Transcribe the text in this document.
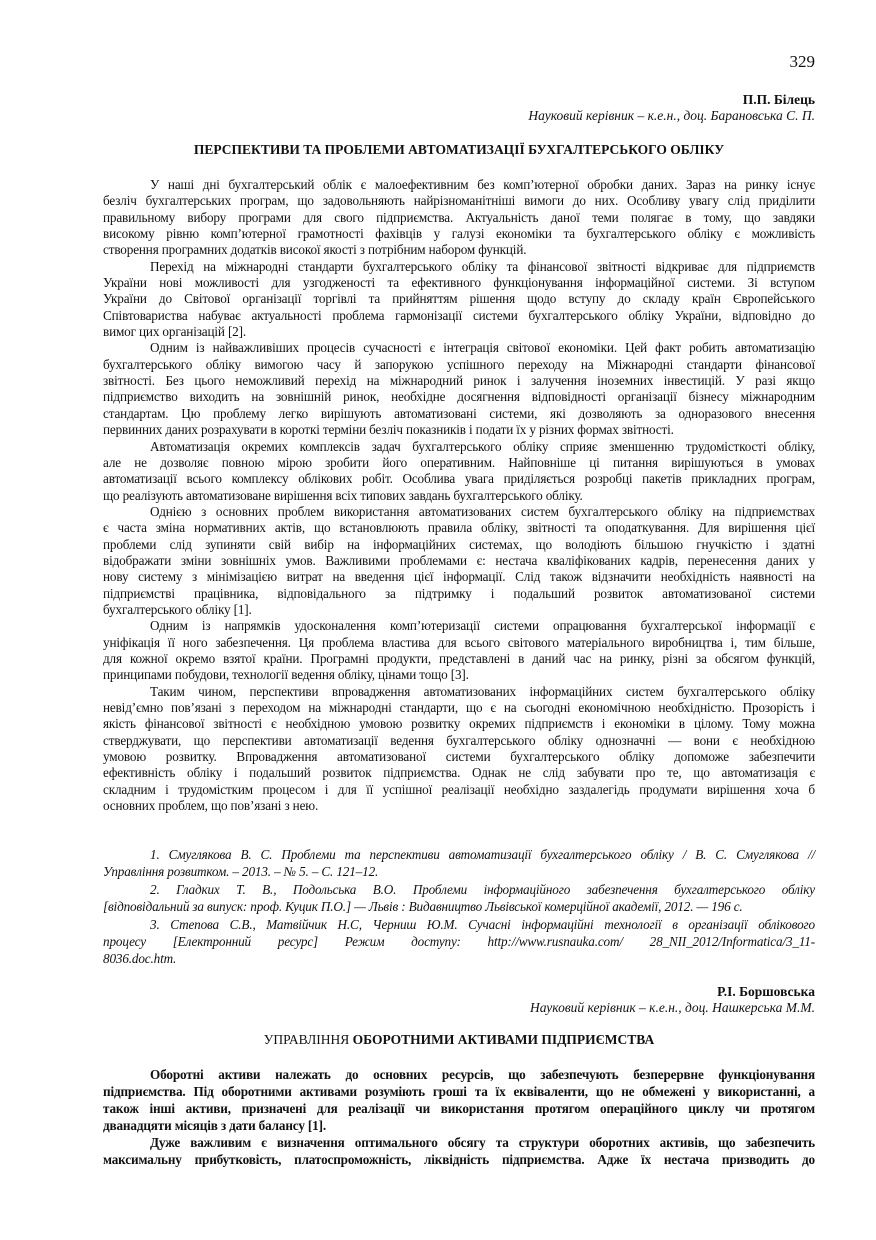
329
П.П. Білець
Науковий керівник – к.е.н., доц. Барановська С. П.
ПЕРСПЕКТИВИ ТА ПРОБЛЕМИ АВТОМАТИЗАЦІЇ БУХГАЛТЕРСЬКОГО ОБЛІКУ
У наші дні бухгалтерський облік є малоефективним без комп’ютерної обробки даних. Зараз на ринку існує
безліч бухгалтерських програм, що задовольняють найрізноманітніші вимоги до них. Особливу увагу слід приділити
правильному вибору програми для свого підприємства. Актуальність даної теми полягає в тому, що завдяки
високому рівню комп’ютерної грамотності фахівців у галузі економіки та бухгалтерського обліку є можливість
створення програмних додатків високої якості з потрібним набором функцій.
Перехід на міжнародні стандарти бухгалтерського обліку та фінансової звітності відкриває для підприємств
України нові можливості для узгодженості та ефективного функціонування інформаційної системи. Зі вступом
України до Світової організації торгівлі та прийняттям рішення щодо вступу до складу країн Європейського
Співтовариства набуває актуальності проблема гармонізації системи бухгалтерського обліку України, відповідно до
вимог цих організацій [2].
Одним із найважливіших процесів сучасності є інтеграція світової економіки. Цей факт робить автоматизацію
бухгалтерського обліку вимогою часу й запорукою успішного переходу на Міжнародні стандарти фінансової
звітності. Без цього неможливий перехід на міжнародний ринок і залучення іноземних інвестицій. У разі якщо
підприємство виходить на зовнішній ринок, необхідне досягнення відповідності організації бізнесу міжнародним
стандартам. Цю проблему легко вирішують автоматизовані системи, які дозволяють за одноразового внесення
первинних даних розрахувати в короткі терміни безліч показників і подати їх у різних формах звітності.
Автоматизація окремих комплексів задач бухгалтерського обліку сприяє зменшенню трудомісткості обліку,
але не дозволяє повною мірою зробити його оперативним. Найповніше ці питання вирішуються в умовах
автоматизації всього комплексу облікових робіт. Особлива увага приділяється розробці пакетів прикладних програм,
що реалізують автоматизоване вирішення всіх типових завдань бухгалтерського обліку.
Однією з основних проблем використання автоматизованих систем бухгалтерського обліку на підприємствах
є часта зміна нормативних актів, що встановлюють правила обліку, звітності та оподаткування. Для вирішення цієї
проблеми слід зупиняти свій вибір на інформаційних системах, що володіють більшою гнучкістю і здатні
відображати зміни зовнішніх умов. Важливими проблемами є: нестача кваліфікованих кадрів, перенесення даних у
нову систему з мінімізацією витрат на введення цієї інформації. Слід також відзначити необхідність наявності на
підприємстві працівника, відповідального за підтримку і подальший розвиток автоматизованої системи
бухгалтерського обліку [1].
Одним із напрямків удосконалення комп’ютеризації системи опрацювання бухгалтерської інформації є
уніфікація її ного забезпечення. Ця проблема властива для всього світового матеріального виробництва і, тим більше,
для кожної окремо взятої країни. Програмні продукти, представлені в даний час на ринку, різні за обсягом функцій,
принципами побудови, технології ведення обліку, цінами тощо [3].
Таким чином, перспективи впровадження автоматизованих інформаційних систем бухгалтерського обліку
невід’ємно пов’язані з переходом на міжнародні стандарти, що є на сьогодні економічною необхідністю. Прозорість і
якість фінансової звітності є необхідною умовою розвитку окремих підприємств і економіки в цілому. Тому можна
стверджувати, що перспективи автоматизації ведення бухгалтерського обліку однозначні — вони є необхідною
умовою розвитку. Впровадження автоматизованої системи бухгалтерського обліку допоможе забезпечити
ефективність обліку і подальший розвиток підприємства. Однак не слід забувати про те, що автоматизація є
складним і трудомістким процесом і для її успішної реалізації необхідно заздалегідь продумати вирішення хоча б
основних проблем, що пов’язані з нею.
1. Смуглякова В. С. Проблеми та перспективи автоматизації бухгалтерського обліку / В. С. Смуглякова //
Управління розвитком. – 2013. – № 5. – С. 121–12.
2. Гладких Т. В., Подольська В.О. Проблеми інформаційного забезпечення бухгалтерського обліку
[відповідальний за випуск: проф. Куцик П.О.] — Львів : Видавництво Львівської комерційної академії, 2012. — 196 с.
3. Степова С.В., Матвійчик Н.С, Черниш Ю.М. Сучасні інформаційні технології в організації облікового
процесу [Електронний ресурс] Режим доступу: http://www.rusnauka.com/ 28_NII_2012/Informatica/3_11-
8036.doc.htm.
Р.І. Боршовська
Науковий керівник – к.е.н., доц. Нашкерська М.М.
УПРАВЛІННЯ ОБОРОТНИМИ АКТИВАМИ ПІДПРИЄМСТВА
Оборотні активи належать до основних ресурсів, що забезпечують безперервне функціонування
підприємства. Під оборотними активами розуміють гроші та їх еквіваленти, що не обмежені у використанні, а
також інші активи, призначені для реалізації чи використання протягом операційного циклу чи протягом
дванадцяти місяців з дати балансу [1].
Дуже важливим є визначення оптимального обсягу та структури оборотних активів, що забезпечить
максимальну прибутковість, платоспроможність, ліквідність підприємства. Адже їх нестача призводить до
